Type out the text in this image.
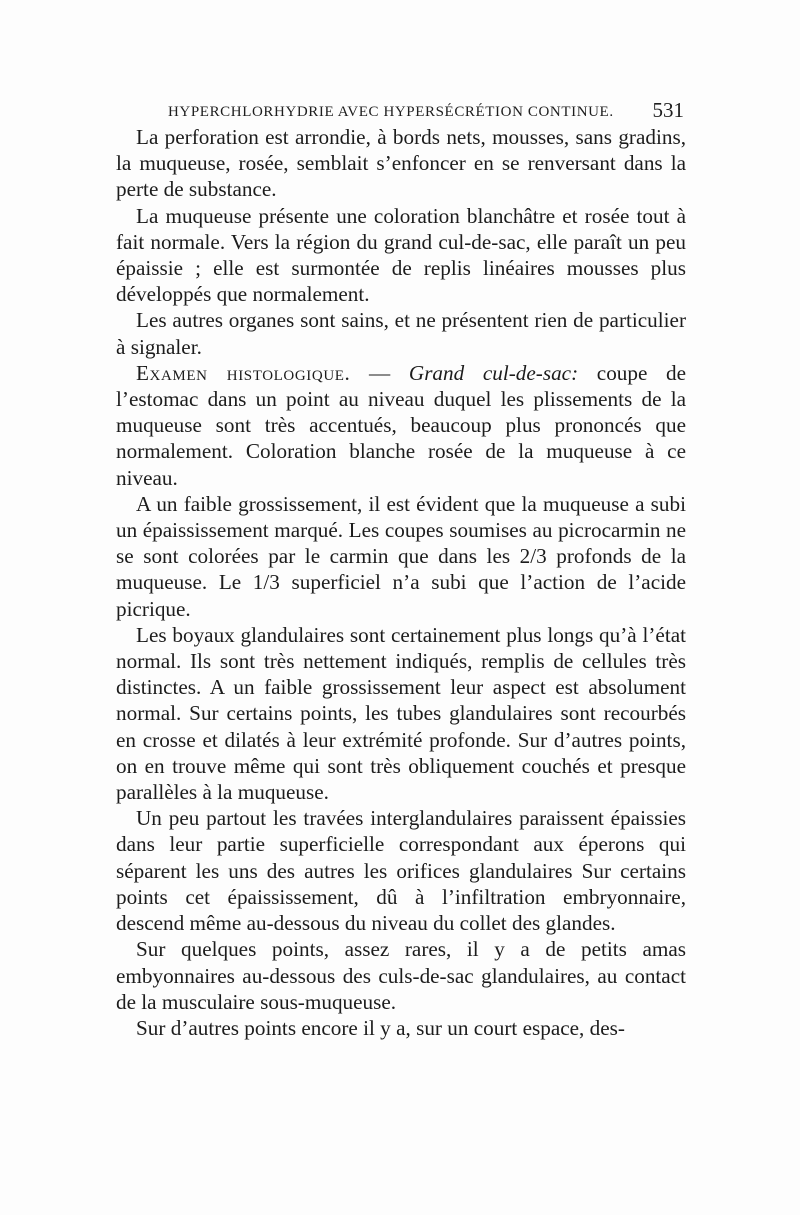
HYPERCHLORHYDRIE AVEC HYPERSÉCRÉTION CONTINUE. 531

La perforation est arrondie, à bords nets, mousses, sans gradins, la muqueuse, rosée, semblait s’enfoncer en se renversant dans la perte de substance.

La muqueuse présente une coloration blanchâtre et rosée tout à fait normale. Vers la région du grand cul-de-sac, elle paraît un peu épaissie ; elle est surmontée de replis linéaires mousses plus développés que normalement.

Les autres organes sont sains, et ne présentent rien de particulier à signaler.

Examen histologique. — Grand cul-de-sac: coupe de l’estomac dans un point au niveau duquel les plissements de la muqueuse sont très accentués, beaucoup plus prononcés que normalement. Coloration blanche rosée de la muqueuse à ce niveau.

A un faible grossissement, il est évident que la muqueuse a subi un épaississement marqué. Les coupes soumises au picrocarmin ne se sont colorées par le carmin que dans les 2/3 profonds de la muqueuse. Le 1/3 superficiel n’a subi que l’action de l’acide picrique.

Les boyaux glandulaires sont certainement plus longs qu’à l’état normal. Ils sont très nettement indiqués, remplis de cellules très distinctes. A un faible grossissement leur aspect est absolument normal. Sur certains points, les tubes glandulaires sont recourbés en crosse et dilatés à leur extrémité profonde. Sur d’autres points, on en trouve même qui sont très obliquement couchés et presque parallèles à la muqueuse.

Un peu partout les travées interglandulaires paraissent épaissies dans leur partie superficielle correspondant aux éperons qui séparent les uns des autres les orifices glandulaires Sur certains points cet épaississement, dû à l’infiltration embryonnaire, descend même au-dessous du niveau du collet des glandes.

Sur quelques points, assez rares, il y a de petits amas embyonnaires au-dessous des culs-de-sac glandulaires, au contact de la musculaire sous-muqueuse.

Sur d’autres points encore il y a, sur un court espace, des-
